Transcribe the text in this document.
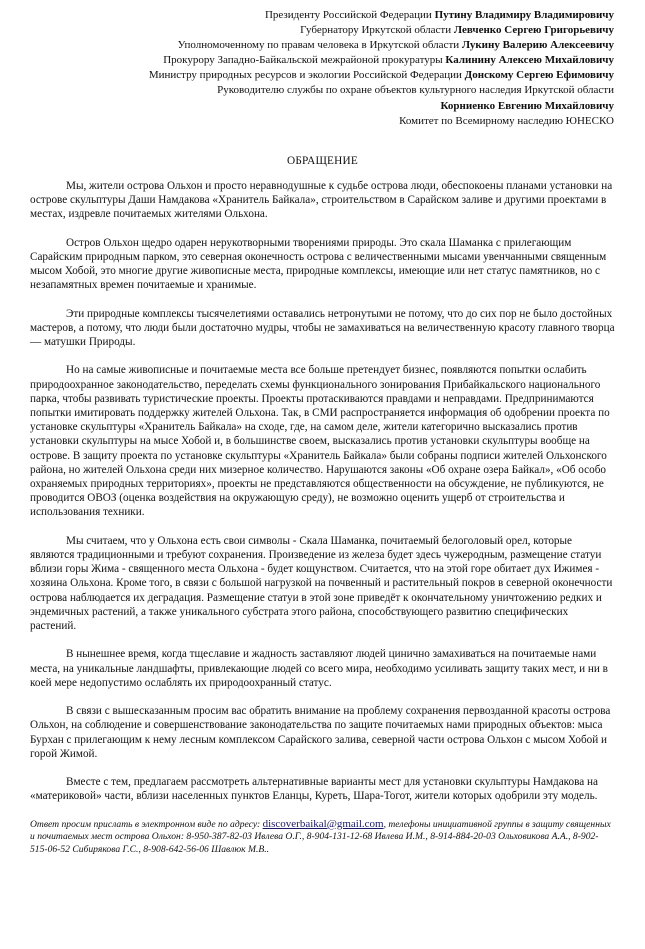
Президенту Российской Федерации Путину Владимиру Владимировичу
Губернатору Иркутской области Левченко Сергею Григорьевичу
Уполномоченному по правам человека в Иркутской области Лукину Валерию Алексеевичу
Прокурору Западно-Байкальской межрайоной прокуратуры Калинину Алексею Михайловичу
Министру природных ресурсов и экологии Российской Федерации Донскому Сергею Ефимовичу
Руководителю службы по охране объектов культурного наследия Иркутской области
Корниенко Евгению Михайловичу
Комитет по Всемирному наследию ЮНЕСКО
ОБРАЩЕНИЕ

Мы, жители острова Ольхон и просто неравнодушные к судьбе острова люди, обеспокоены планами установки на острове скульптуры Даши Намдакова «Хранитель Байкала», строительством в Сарайском заливе и другими проектами в местах, издревле почитаемых жителями Ольхона.

Остров Ольхон щедро одарен нерукотворными творениями природы. Это скала Шаманка с прилегающим Сарайским природным парком, это северная оконечность острова с величественными мысами увенчанными священным мысом Хобой, это многие другие живописные места, природные комплексы, имеющие или нет статус памятников, но с незапамятных времен почитаемые и хранимые.

Эти природные комплексы тысячелетиями оставались нетронутыми не потому, что до сих пор не было достойных мастеров, а потому, что люди были достаточно мудры, чтобы не замахиваться на величественную красоту главного творца — матушки Природы.

Но на самые живописные и почитаемые места все больше претендует бизнес, появляются попытки ослабить природоохранное законодательство, переделать схемы функционального зонирования Прибайкальского национального парка, чтобы развивать туристические проекты. Проекты протаскиваются правдами и неправдами. Предпринимаются попытки имитировать поддержку жителей Ольхона. Так, в СМИ распространяется информация об одобрении проекта по установке скульптуры «Хранитель Байкала» на сходе, где, на самом деле, жители категорично высказались против установки скульптуры на мысе Хобой и, в большинстве своем, высказались против установки скульптуры вообще на острове. В защиту проекта по установке скульптуры «Хранитель Байкала» были собраны подписи жителей Ольхонского района, но жителей Ольхона среди них мизерное количество. Нарушаются законы «Об охране озера Байкал», «Об особо охраняемых природных территориях», проекты не представляются общественности на обсуждение, не публикуются, не проводится ОВОЗ (оценка воздействия на окружающую среду), не возможно оценить ущерб от строительства и использования техники.

Мы считаем, что у Ольхона есть свои символы - Скала Шаманка, почитаемый белоголовый орел, которые являются традиционными и требуют сохранения. Произведение из железа будет здесь чужеродным, размещение статуи вблизи горы Жима - священного места Ольхона - будет кощунством. Считается, что на этой горе обитает дух Ижимея - хозяина Ольхона. Кроме того, в связи с большой нагрузкой на почвенный и растительный покров в северной оконечности острова наблюдается их деградация. Размещение статуи в этой зоне приведёт к окончательному уничтожению редких и эндемичных растений, а также уникального субстрата этого района, способствующего развитию специфических растений.

В нынешнее время, когда тщеславие и жадность заставляют людей цинично замахиваться на почитаемые нами места, на уникальные ландшафты, привлекающие людей со всего мира, необходимо усиливать защиту таких мест, и ни в коей мере недопустимо ослаблять их природоохранный статус.

В связи с вышесказанным просим вас обратить внимание на проблему сохранения первозданной красоты острова Ольхон, на соблюдение и совершенствование законодательства по защите почитаемых нами природных объектов: мыса Бурхан с прилегающим к нему лесным комплексом Сарайского залива, северной части острова Ольхон с мысом Хобой и горой Жимой.

Вместе с тем, предлагаем рассмотреть альтернативные варианты мест для установки скульптуры Намдакова на «материковой» части, вблизи населенных пунктов Еланцы, Куреть, Шара-Тогот, жители которых одобрили эту модель.

Ответ просим прислать в электронном виде по адресу: discoverbaikal@gmail.com, телефоны инициативной группы в защиту священных и почитаемых мест острова Ольхон: 8-950-387-82-03 Ивлева О.Г., 8-904-131-12-68 Ивлева И.М., 8-914-884-20-03 Ольховикова А.А., 8-902-515-06-52 Сибирякова Г.С., 8-908-642-56-06 Шавлюк М.В..
